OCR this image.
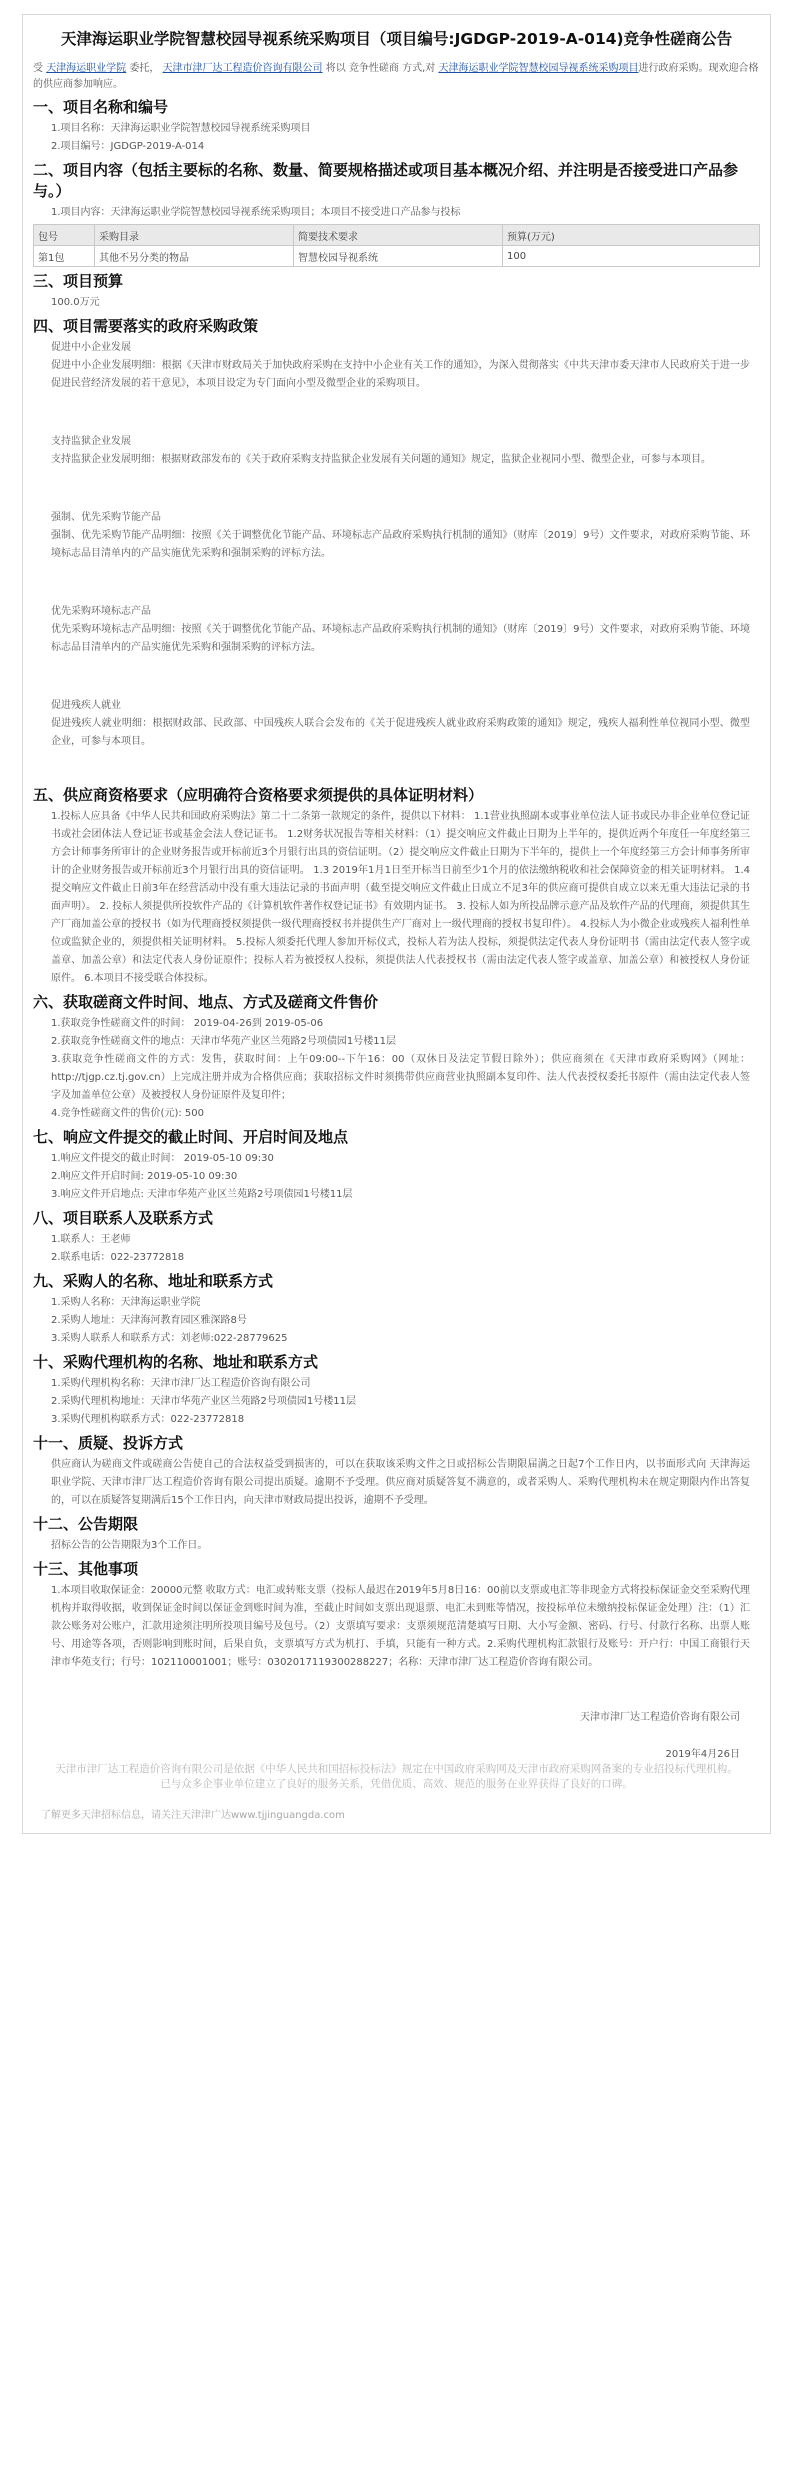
天津海运职业学院智慧校园导视系统采购项目（项目编号:JGDGP-2019-A-014)竞争性磋商公告
受 天津海运职业学院 委托， 天津市津厂达工程造价咨询有限公司 将以 竞争性磋商 方式,对 天津海运职业学院智慧校园导视系统采购项目进行政府采购。现欢迎合格的供应商参加响应。
一、项目名称和编号
1.项目名称：天津海运职业学院智慧校园导视系统采购项目
2.项目编号：JGDGP-2019-A-014
二、项目内容（包括主要标的名称、数量、简要规格描述或项目基本概况介绍、并注明是否接受进口产品参与。）
1.项目内容：天津海运职业学院智慧校园导视系统采购项目；本项目不接受进口产品参与投标
包号	采购目录	简要技术要求	预算(万元)
第1包	其他不另分类的物品	智慧校园导视系统	100
三、项目预算
100.0万元
四、项目需要落实的政府采购政策
促进中小企业发展
促进中小企业发展明细：根据《天津市财政局关于加快政府采购在支持中小企业有关工作的通知》，为深入贯彻落实《中共天津市委天津市人民政府关于进一步促进民营经济发展的若干意见》，本项目设定为专门面向小型及微型企业的采购项目。
支持监狱企业发展
支持监狱企业发展明细：根据财政部发布的《关于政府采购支持监狱企业发展有关问题的通知》规定，监狱企业视同小型、微型企业，可参与本项目。
强制、优先采购节能产品
强制、优先采购节能产品明细：按照《关于调整优化节能产品、环境标志产品政府采购执行机制的通知》（财库〔2019〕9号）文件要求，对政府采购节能、环境标志品目清单内的产品实施优先采购和强制采购的评标方法。
优先采购环境标志产品
优先采购环境标志产品明细：按照《关于调整优化节能产品、环境标志产品政府采购执行机制的通知》（财库〔2019〕9号）文件要求，对政府采购节能、环境标志品目清单内的产品实施优先采购和强制采购的评标方法。
促进残疾人就业
促进残疾人就业明细：根据财政部、民政部、中国残疾人联合会发布的《关于促进残疾人就业政府采购政策的通知》规定，残疾人福利性单位视同小型、微型企业，可参与本项目。
五、供应商资格要求（应明确符合资格要求须提供的具体证明材料）
1.投标人应具备《中华人民共和国政府采购法》第二十二条第一款规定的条件，提供以下材料： 1.1营业执照副本或事业单位法人证书或民办非企业单位登记证书或社会团体法人登记证书或基金会法人登记证书。 1.2财务状况报告等相关材料：（1）提交响应文件截止日期为上半年的，提供近两个年度任一年度经第三方会计师事务所审计的企业财务报告或开标前近3个月银行出具的资信证明。（2）提交响应文件截止日期为下半年的，提供上一个年度经第三方会计师事务所审计的企业财务报告或开标前近3个月银行出具的资信证明。 1.3 2019年1月1日至开标当日前至少1个月的依法缴纳税收和社会保障资金的相关证明材料。 1.4 提交响应文件截止日前3年在经营活动中没有重大违法记录的书面声明（截至提交响应文件截止日成立不足3年的供应商可提供自成立以来无重大违法记录的书面声明）。 2. 投标人须提供所投软件产品的《计算机软件著作权登记证书》有效期内证书。 3. 投标人如为所投品牌示意产品及软件产品的代理商，须提供其生产厂商加盖公章的授权书（如为代理商授权须提供一级代理商授权书并提供生产厂商对上一级代理商的授权书复印件）。 4.投标人为小微企业或残疾人福利性单位或监狱企业的，须提供相关证明材料。 5.投标人须委托代理人参加开标仪式，投标人若为法人投标，须提供法定代表人身份证明书（需由法定代表人签字或盖章、加盖公章）和法定代表人身份证原件；投标人若为被授权人投标，须提供法人代表授权书（需由法定代表人签字或盖章、加盖公章）和被授权人身份证原件。 6.本项目不接受联合体投标。
六、获取磋商文件时间、地点、方式及磋商文件售价
1.获取竞争性磋商文件的时间： 2019-04-26到 2019-05-06
2.获取竞争性磋商文件的地点：天津市华苑产业区兰苑路2号项债园1号楼11层
3.获取竞争性磋商文件的方式：发售，获取时间：上午09:00--下午16：00（双休日及法定节假日除外）；供应商须在《天津市政府采购网》（网址：http://tjgp.cz.tj.gov.cn）上完成注册并成为合格供应商；获取招标文件时须携带供应商营业执照副本复印件、法人代表授权委托书原件（需由法定代表人签字及加盖单位公章）及被授权人身份证原件及复印件；
4.竞争性磋商文件的售价(元): 500
七、响应文件提交的截止时间、开启时间及地点
1.响应文件提交的截止时间： 2019-05-10 09:30
2.响应文件开启时间: 2019-05-10 09:30
3.响应文件开启地点: 天津市华苑产业区兰苑路2号项债园1号楼11层
八、项目联系人及联系方式
1.联系人：王老师
2.联系电话：022-23772818
九、采购人的名称、地址和联系方式
1.采购人名称：天津海运职业学院
2.采购人地址：天津海河教育园区雅深路8号
3.采购人联系人和联系方式：刘老师:022-28779625
十、采购代理机构的名称、地址和联系方式
1.采购代理机构名称：天津市津厂达工程造价咨询有限公司
2.采购代理机构地址：天津市华苑产业区兰苑路2号项债园1号楼11层
3.采购代理机构联系方式：022-23772818
十一、质疑、投诉方式
供应商认为磋商文件或磋商公告使自己的合法权益受到损害的，可以在获取该采购文件之日或招标公告期限届满之日起7个工作日内，以书面形式向 天津海运职业学院、天津市津厂达工程造价咨询有限公司提出质疑。逾期不予受理。供应商对质疑答复不满意的，或者采购人、采购代理机构未在规定期限内作出答复的，可以在质疑答复期满后15个工作日内，向天津市财政局提出投诉，逾期不予受理。
十二、公告期限
招标公告的公告期限为3个工作日。
十三、其他事项
1.本项目收取保证金：20000元整 收取方式：电汇或转账支票（投标人最迟在2019年5月8日16：00前以支票或电汇等非现金方式将投标保证金交至采购代理机构并取得收据，收到保证金时间以保证金到账时间为准，至截止时间如支票出现退票、电汇未到账等情况，按投标单位未缴纳投标保证金处理）注：（1）汇款公账务对公账户，汇款用途须注明所投项目编号及包号。（2）支票填写要求：支票须规范清楚填写日期、大小写金额、密码、行号、付款行名称、出票人账号、用途等各项，否则影响到账时间，后果自负，支票填写方式为机打、手填，只能有一种方式。2.采购代理机构汇款银行及账号：开户行：中国工商银行天津市华苑支行；行号：102110001001；账号：0302017119300288227；名称：天津市津厂达工程造价咨询有限公司。
天津市津厂达工程造价咨询有限公司
2019年4月26日
天津市津厂达工程造价咨询有限公司是依据《中华人民共和国招标投标法》规定在中国政府采购网及天津市政府采购网备案的专业招投标代理机构。已与众多企事业单位建立了良好的服务关系，凭借优质、高效、规范的服务在业界获得了良好的口碑。
了解更多天津招标信息，请关注天津津广达www.tjjinguangda.com
